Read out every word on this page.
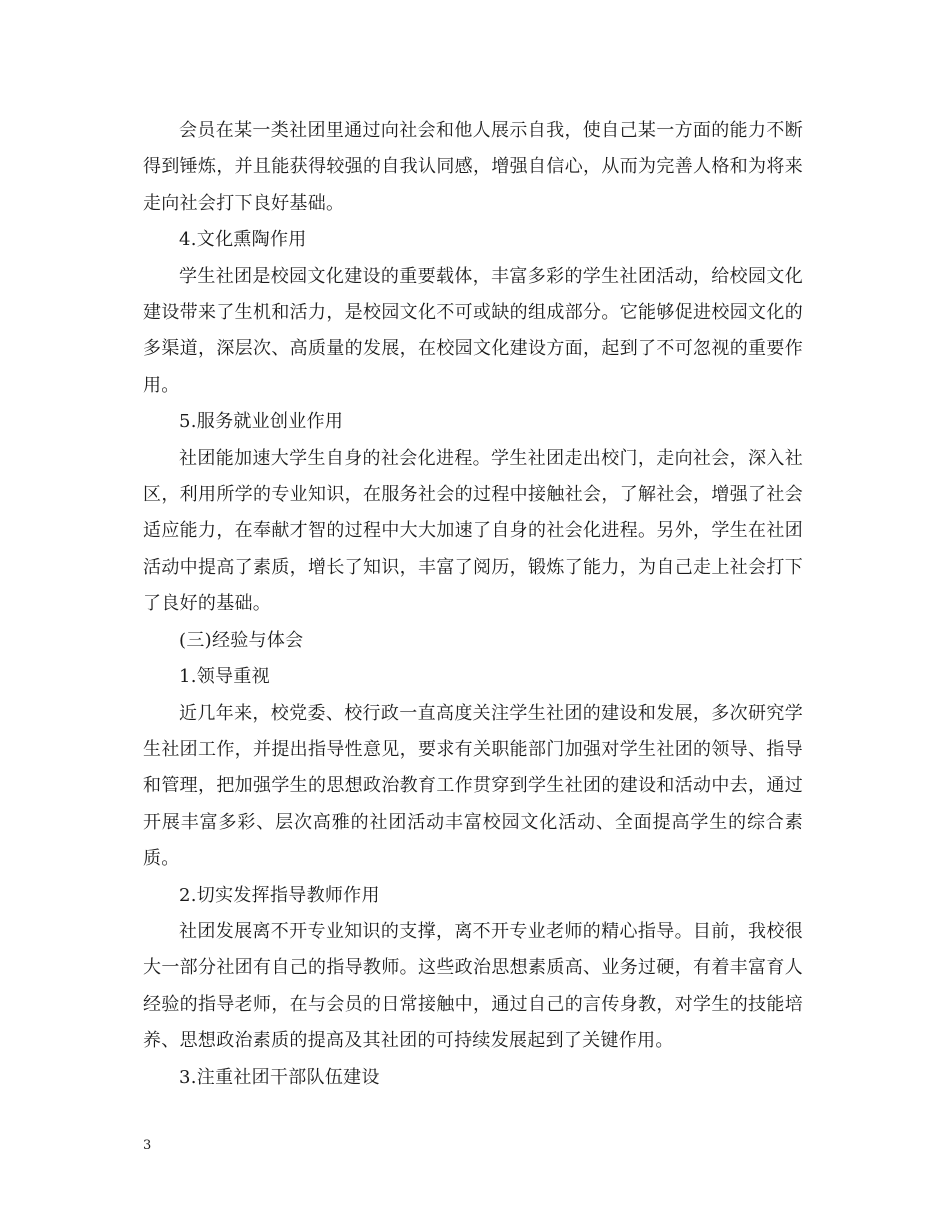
会员在某一类社团里通过向社会和他人展示自我，使自己某一方面的能力不断得到锤炼，并且能获得较强的自我认同感，增强自信心，从而为完善人格和为将来走向社会打下良好基础。

4.文化熏陶作用

学生社团是校园文化建设的重要载体，丰富多彩的学生社团活动，给校园文化建设带来了生机和活力，是校园文化不可或缺的组成部分。它能够促进校园文化的多渠道，深层次、高质量的发展，在校园文化建设方面，起到了不可忽视的重要作用。

5.服务就业创业作用

社团能加速大学生自身的社会化进程。学生社团走出校门，走向社会，深入社区，利用所学的专业知识，在服务社会的过程中接触社会，了解社会，增强了社会适应能力，在奉献才智的过程中大大加速了自身的社会化进程。另外，学生在社团活动中提高了素质，增长了知识，丰富了阅历，锻炼了能力，为自己走上社会打下了良好的基础。

(三)经验与体会

1.领导重视

近几年来，校党委、校行政一直高度关注学生社团的建设和发展，多次研究学生社团工作，并提出指导性意见，要求有关职能部门加强对学生社团的领导、指导和管理，把加强学生的思想政治教育工作贯穿到学生社团的建设和活动中去，通过开展丰富多彩、层次高雅的社团活动丰富校园文化活动、全面提高学生的综合素质。

2.切实发挥指导教师作用

社团发展离不开专业知识的支撑，离不开专业老师的精心指导。目前，我校很大一部分社团有自己的指导教师。这些政治思想素质高、业务过硬，有着丰富育人经验的指导老师，在与会员的日常接触中，通过自己的言传身教，对学生的技能培养、思想政治素质的提高及其社团的可持续发展起到了关键作用。

3.注重社团干部队伍建设

3
